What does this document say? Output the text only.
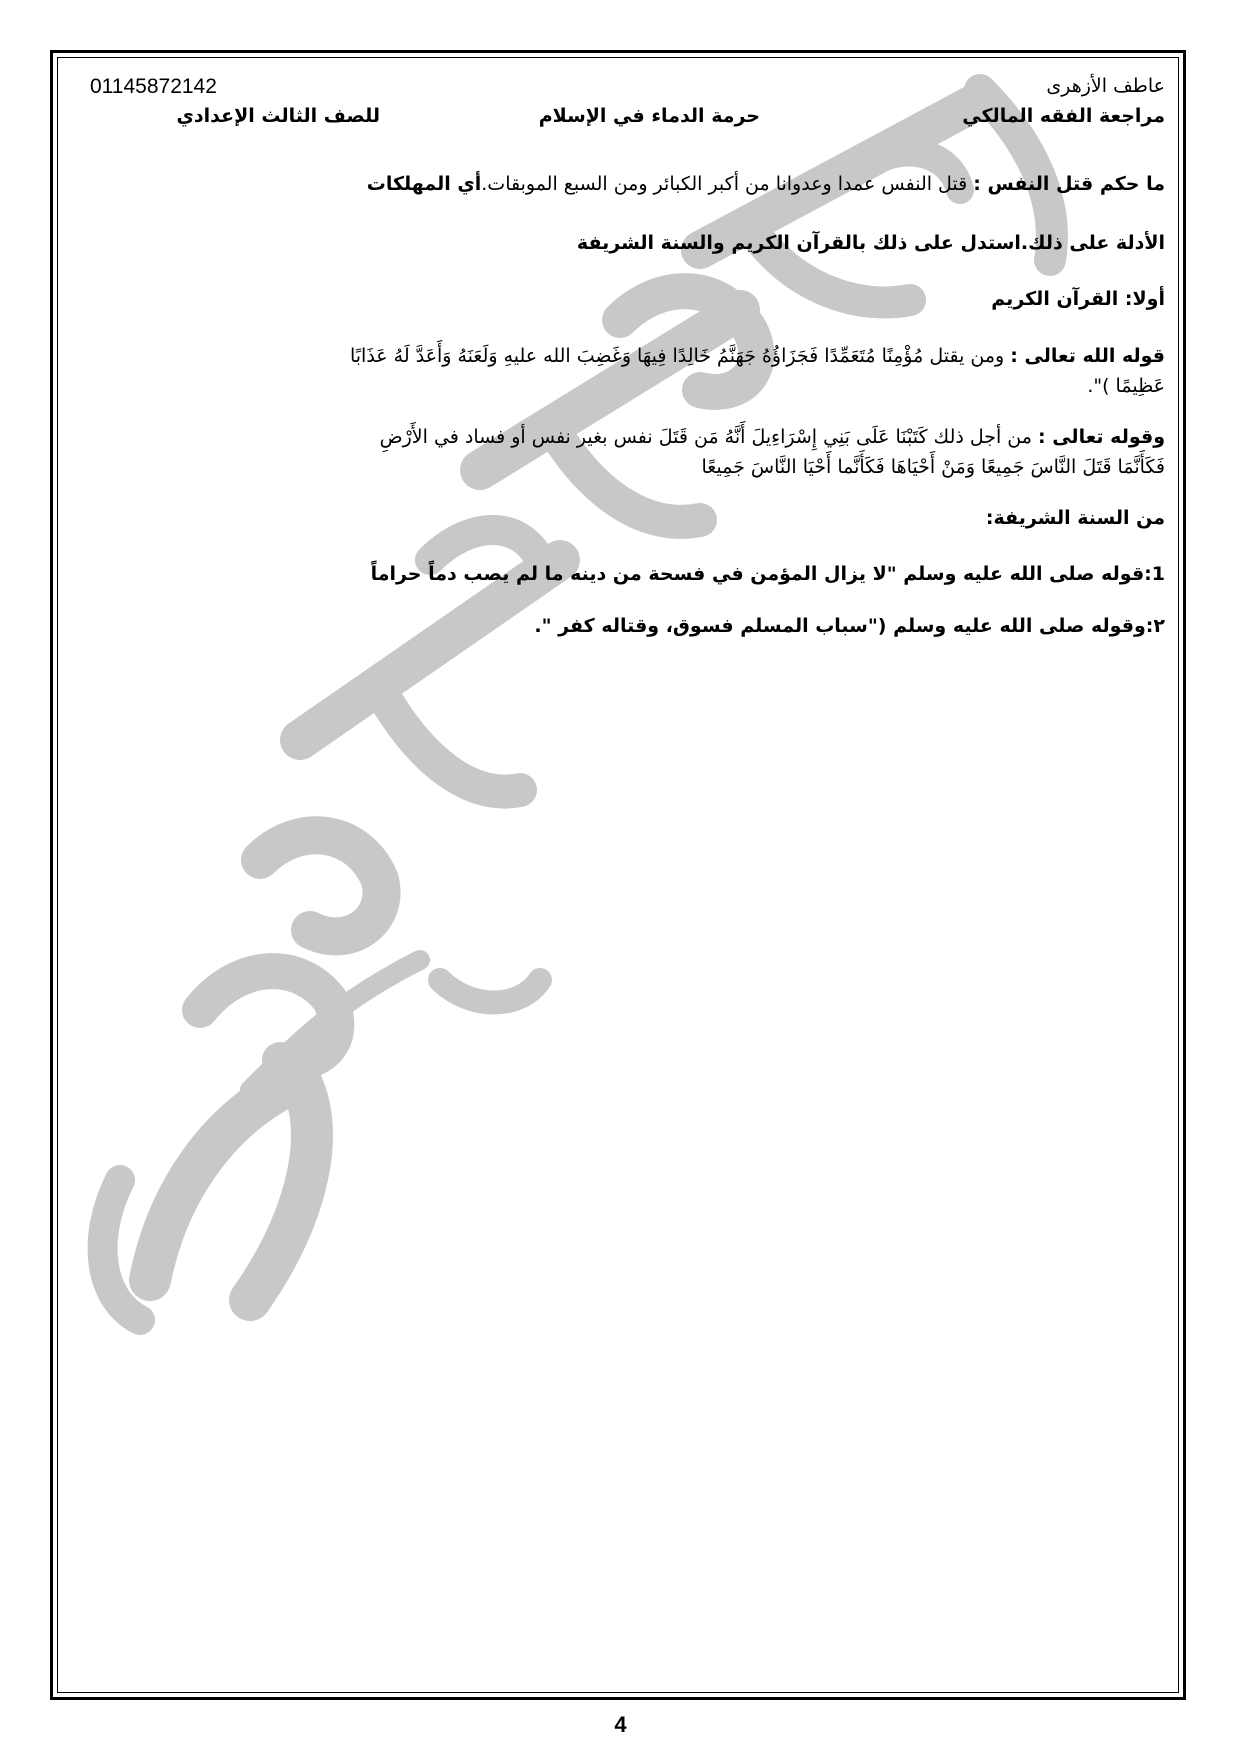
عاطف الأزهرى
01145872142
مراجعة الفقه المالكي
حرمة الدماء في الإسلام
للصف الثالث الإعدادي
ما حكم قتل النفس : قتل النفس عمدا وعدوانا من أكبر الكبائر ومن السبع الموبقات.أي المهلكات
الأدلة على ذلك.استدل على ذلك بالقرآن الكريم والسنة الشريفة
أولا: القرآن الكريم
قوله الله تعالى : ومن يقتل مُؤْمِنًا مُتَعَمِّدًا فَجَزَاؤُهُ جَهَنَّمُ خَالِدًا فِيهَا وَغَضِبَ الله عليهِ وَلَعَنَهُ وَأَعَدَّ لَهُ عَذَابًا
عَظِيمًا )".
وقوله تعالى : من أجل ذلك كَتَبْنَا عَلَى بَنِي إِسْرَاءِيلَ أَنَّهُ مَن قَتَلَ نفس بغير نفس أو فساد في الأَرْضِ
فَكَأَنَّمَا قَتَلَ النَّاسَ جَمِيعًا وَمَنْ أَحْيَاهَا فَكَأَنَّما أَحْيَا النَّاسَ جَمِيعًا
من السنة الشريفة:
1:قوله صلى الله عليه وسلم "لا يزال المؤمن في فسحة من دينه ما لم يصب دماً حراماً
٢:وقوله صلى الله عليه وسلم ("سباب المسلم فسوق، وقتاله كفر ".
4
